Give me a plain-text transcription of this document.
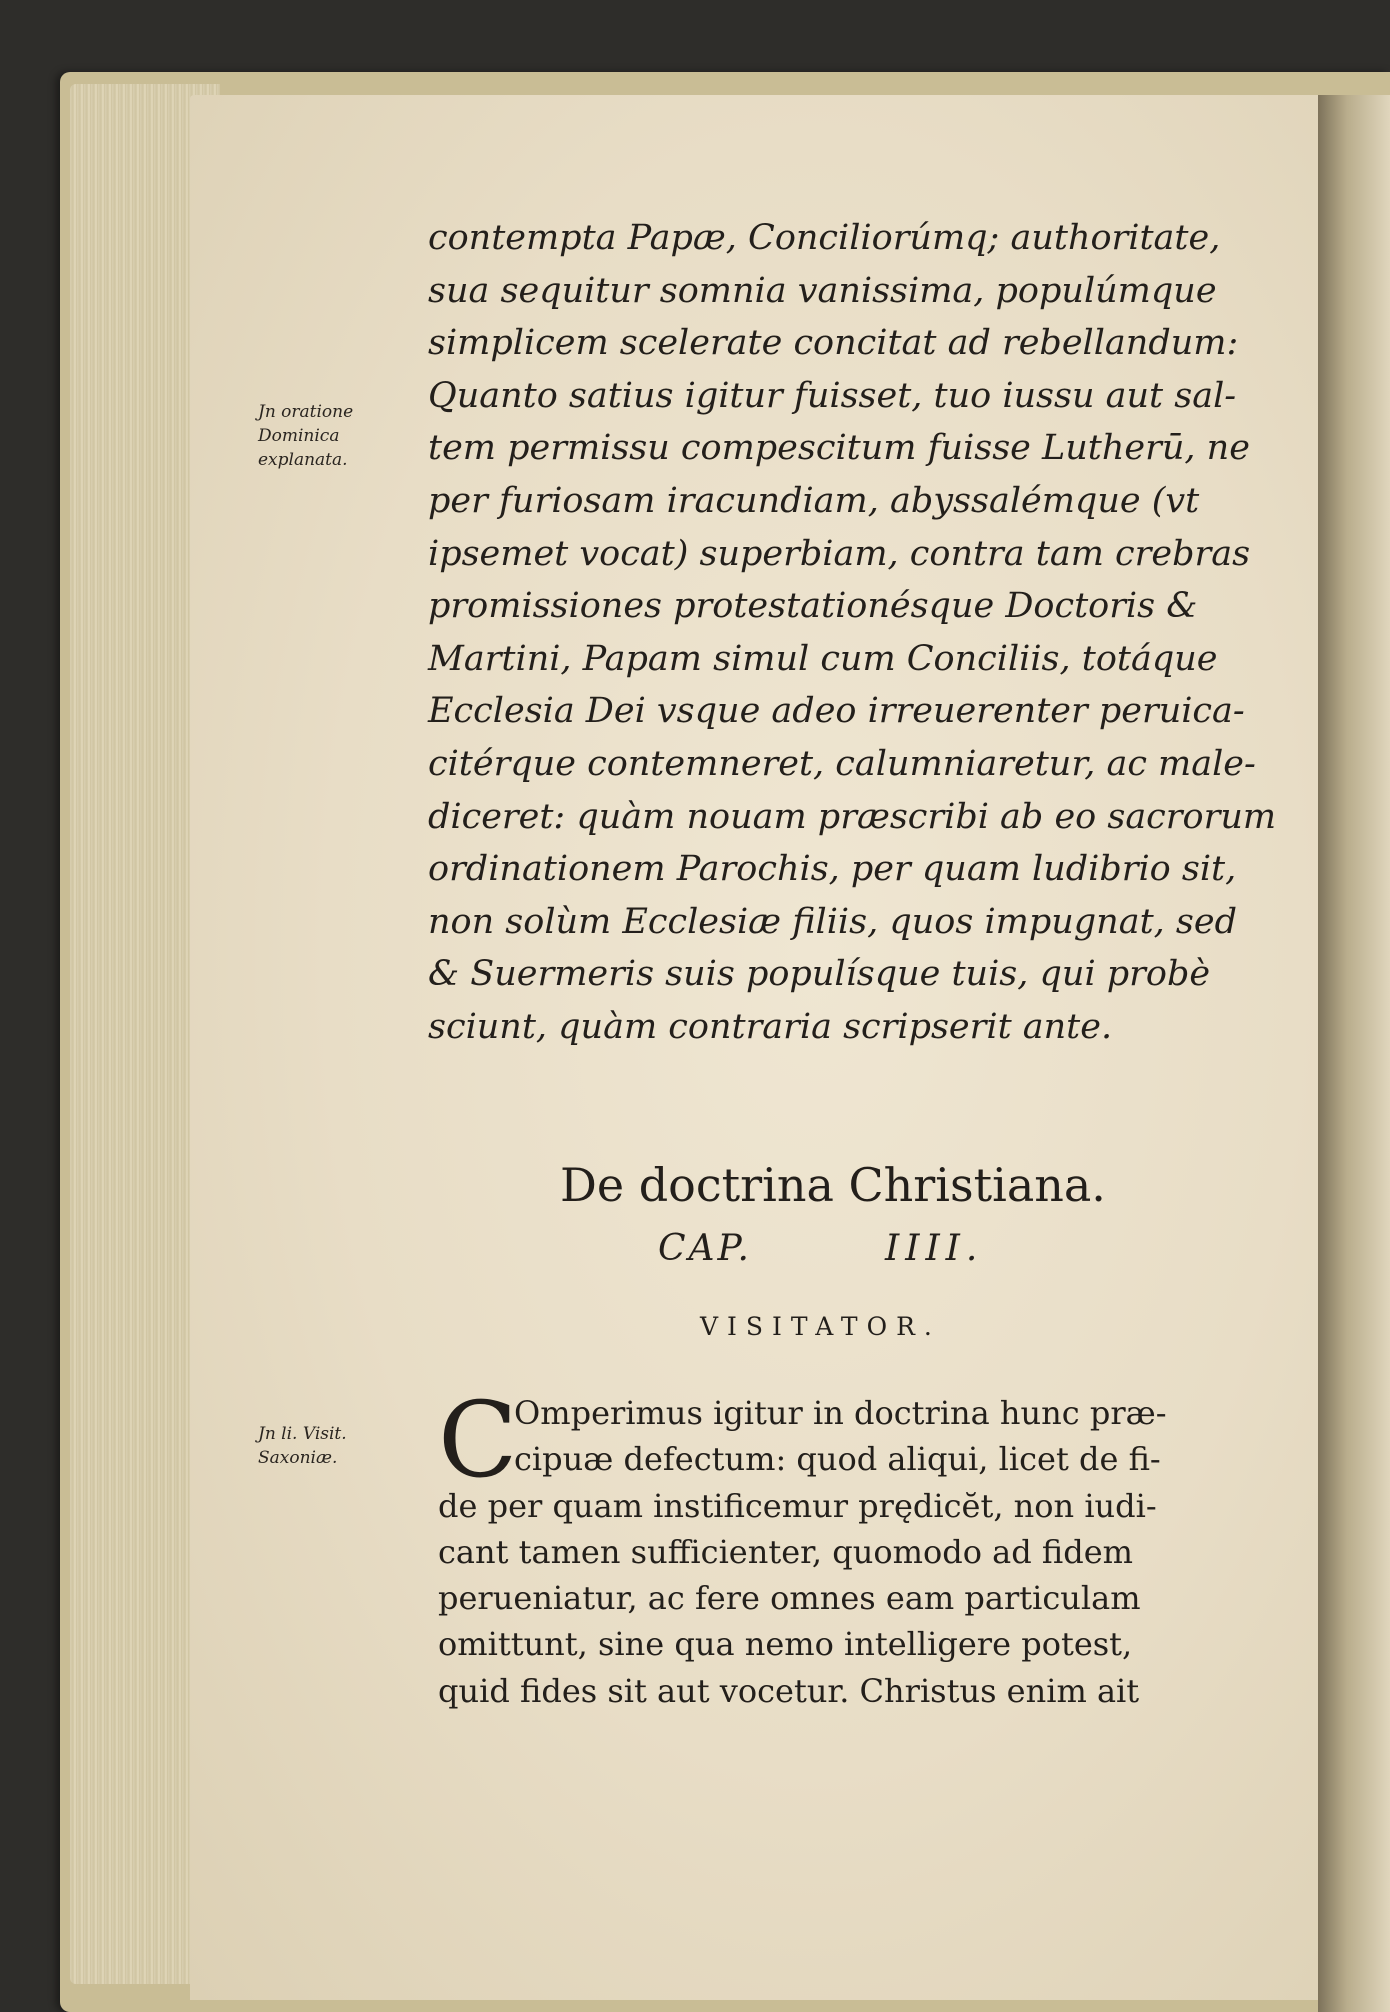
Jn oratione
Dominica
explanata.
contempta Papæ, Conciliorúmq; authoritate,
sua sequitur somnia vanissima, populúmque
simplicem scelerate concitat ad rebellandum:
Quanto satius igitur fuisset, tuo iussu aut sal-
tem permissu compescitum fuisse Lutherū, ne
per furiosam iracundiam, abyssalémque (vt
ipsemet vocat) superbiam, contra tam crebras
promissiones protestationésque Doctoris &
Martini, Papam simul cum Conciliis, totáque
Ecclesia Dei vsque adeo irreuerenter peruica-
citérque contemneret, calumniaretur, ac male-
diceret: quàm nouam præscribi ab eo sacrorum
ordinationem Parochis, per quam ludibrio sit,
non solùm Ecclesiæ filiis, quos impugnat, sed
& Suermeris suis populísque tuis, qui probè
sciunt, quàm contraria scripserit ante.
De doctrina Christiana.
CAP.	IIII.
VISITATOR.
Jn li. Visit.
Saxoniæ. C
Omperimus igitur in doctrina hunc præ-
cipuæ defectum: quod aliqui, licet de fi-
de per quam instificemur prędicĕt, non iudi-
cant tamen sufficienter, quomodo ad fidem
perueniatur, ac fere omnes eam particulam
omittunt, sine qua nemo intelligere potest,
quid fides sit aut vocetur. Christus enim ait
